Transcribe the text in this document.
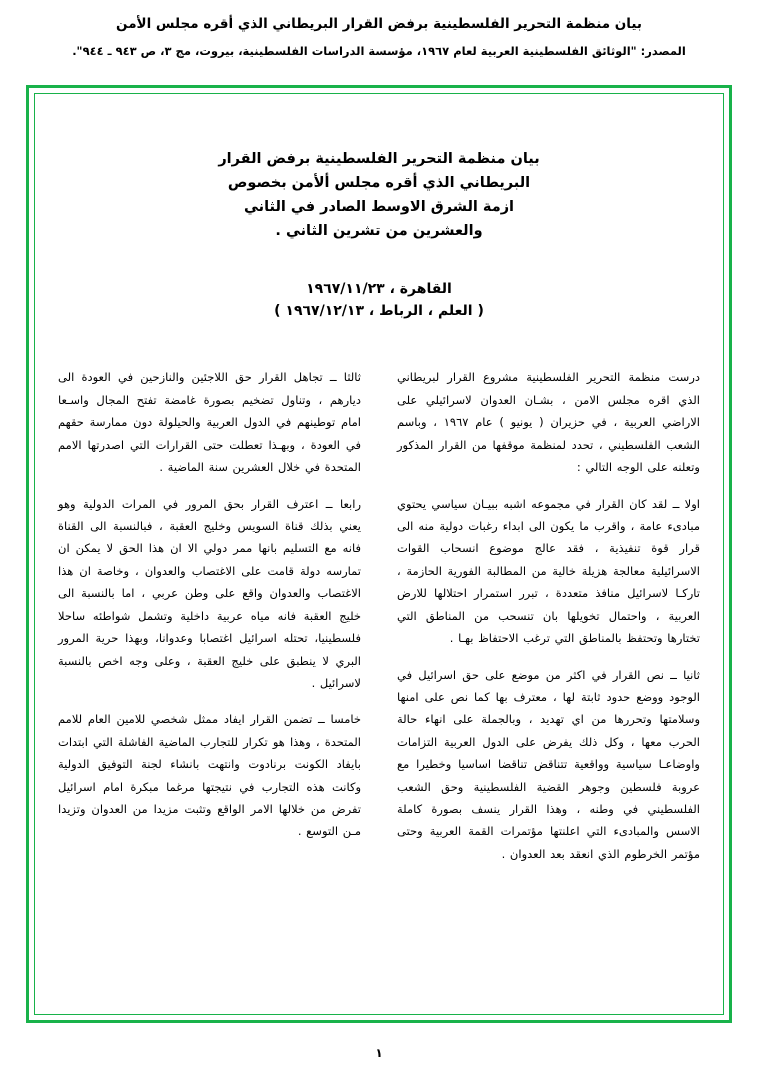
بيان منظمة التحرير الفلسطينية برفض القرار البريطاني الذي أقره مجلس الأمن
المصدر: "الوثائق الفلسطينية العربية لعام ١٩٦٧، مؤسسة الدراسات الفلسطينية، بيروت، مج ٣، ص ٩٤٣ ـ ٩٤٤".
بيان منظمة التحرير الفلسطينية برفض القرار
البريطاني الذي أقره مجلس ألأمن بخصوص
ازمة الشرق الاوسط الصادر في الثاني
والعشرين من تشرين الثاني .
القاهرة ، ١٩٦٧/١١/٢٣
( العلم ، الرباط ، ١٩٦٧/١٢/١٣ )

درست منظمة التحرير الفلسطينية مشروع القرار لبريطاني الذي اقره مجلس الامن ، بشـان العدوان لاسرائيلي على الاراضي العربية ، في حزيران ( يونيو ) عام ١٩٦٧ ، وباسم الشعب الفلسطيني ، تحدد لمنظمة موقفها من القرار المذكور وتعلنه على الوجه التالي :

اولا ــ لقد كان القرار في مجموعه اشبه ببيـان سياسي يحتوي مبادىء عامة ، واقرب ما يكون الى ابداء رغبات دولية منه الى قرار قوة تنفيذية ، فقد عالج موضوع انسحاب القوات الاسرائيلية معالجة هزيلة خالية من المطالبة الفورية الحازمة ، تاركـا لاسرائيل منافذ متعددة ، تبرر استمرار احتلالها للارض العربية ، واحتمال تخويلها بان تنسحب من المناطق التي تختارها وتحتفظ بالمناطق التي ترغب الاحتفاظ بهـا .

ثانيا ــ نص القرار في اكثر من موضع على حق اسرائيل في الوجود ووضع حدود ثابتة لها ، معترف بها كما نص على امنها وسلامتها وتحررها من اي تهديد ، وبالجملة على انهاء حالة الحرب معها ، وكل ذلك يفرض على الدول العربية التزامات واوضاعـا سياسية وواقعية تتناقض تناقضا اساسيا وخطيرا مع عروبة فلسطين وجوهر القضية الفلسطينية وحق الشعب الفلسطيني في وطنه ، وهذا القرار ينسف بصورة كاملة الاسس والمبادىء التي اعلنتها مؤتمرات القمة العربية وحتى مؤتمر الخرطوم الذي انعقد بعد العدوان .

ثالثا ــ تجاهل القرار حق اللاجئين والنازحين في العودة الى ديارهم ، وتناول تضخيم بصورة غامضة تفتح المجال واسـعا امام توطينهم في الدول العربية والحيلولة دون ممارسة حقهم في العودة ، وبهـذا تعطلت حتى القرارات التي اصدرتها الامم المتحدة في خلال العشرين سنة الماضية .

رابعا ــ اعترف القرار بحق المرور في المرات الدولية وهو يعني بذلك قناة السويس وخليج العقبة ، فبالنسبة الى القناة فانه مع التسليم بانها ممر دولي الا ان هذا الحق لا يمكن ان تمارسه دولة قامت على الاغتصاب والعدوان ، وخاصة ان هذا الاغتصاب والعدوان واقع على وطن عربي ، اما بالنسبة الى خليج العقبة فانه مياه عربية داخلية وتشمل شواطئه ساحلا فلسطينيا، تحتله اسرائيل اغتصابا وعدوانا، وبهذا حرية المرور البري لا ينطبق على خليج العقبة ، وعلى وجه اخص بالنسبة لاسرائيل .

خامسا ــ تضمن القرار ايفاد ممثل شخصي للامين العام للامم المتحدة ، وهذا هو تكرار للتجارب الماضية الفاشلة التي ابتدات بايفاد الكونت برنادوت وانتهت بانشاء لجنة التوفيق الدولية وكانت هذه التجارب في نتيجتها مرغما مبكرة امام اسرائيل تفرض من خلالها الامر الواقع وتثبت مزيدا من العدوان وتزيدا مـن التوسع .

١
